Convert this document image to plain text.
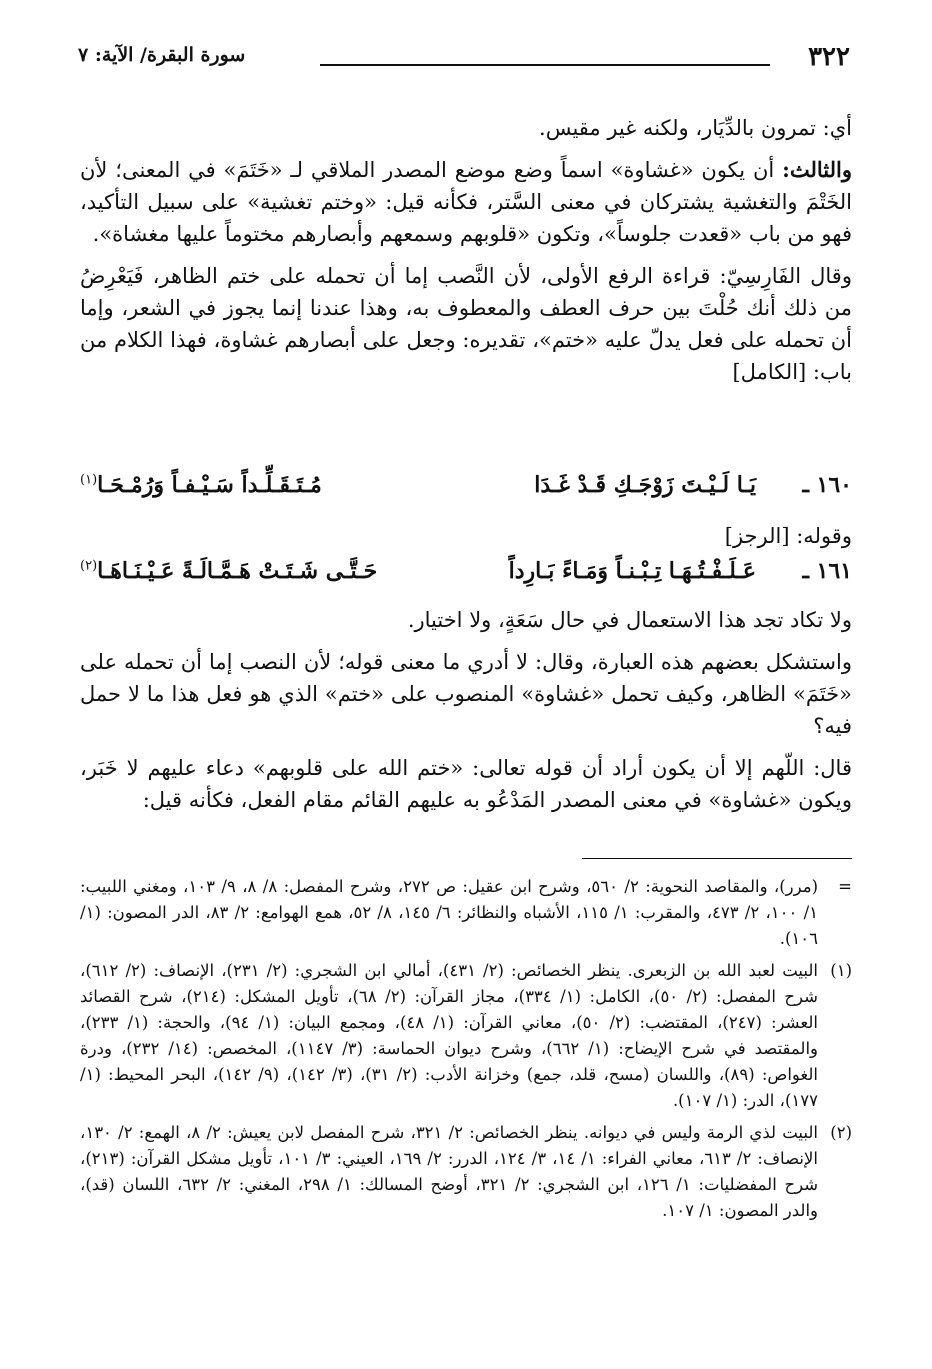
٣٢٢
سورة البقرة/ الآية: ٧

أي: تمرون بالدِّيَار، ولكنه غير مقيس.

والثالث: أن يكون «غشاوة» اسماً وضع موضع المصدر الملاقي لـ «خَتَمَ» في المعنى؛ لأن الخَتْمَ والتغشية يشتركان في معنى السَّتر، فكأنه قيل: «وختم تغشية» على سبيل التأكيد، فهو من باب «قعدت جلوساً»، وتكون «قلوبهم وسمعهم وأبصارهم مختوماً عليها مغشاة».

وقال الفَارِسِيّ: قراءة الرفع الأولى، لأن النَّصب إما أن تحمله على ختم الظاهر، فَيَعْرِضُ من ذلك أنك حُلْتَ بين حرف العطف والمعطوف به، وهذا عندنا إنما يجوز في الشعر، وإما أن تحمله على فعل يدلّ عليه «ختم»، تقديره: وجعل على أبصارهم غشاوة، فهذا الكلام من باب: [الكامل]

١٦٠ ـ
يَـا لَـيْـتَ زَوْجَـكِ قَـدْ غَـدَا
مُـتَـقَـلِّـداً سَـيْـفـاً وَرُمْـحَـا$^{(١)}$

وقوله: [الرجز]

١٦١ ـ
عَـلَـفْـتُـهَـا تِـبْـنـاً وَمَـاءً بَـارِداً
حَـتَّـى شَـتَـتْ هَـمَّـالَـةً عَـيْـنَـاهَـا$^{(٢)}$

ولا تكاد تجد هذا الاستعمال في حال سَعَةٍ، ولا اختيار.

واستشكل بعضهم هذه العبارة، وقال: لا أدري ما معنى قوله؛ لأن النصب إما أن تحمله على «خَتَمَ» الظاهر، وكيف تحمل «غشاوة» المنصوب على «ختم» الذي هو فعل هذا ما لا حمل فيه؟

قال: اللّهم إلا أن يكون أراد أن قوله تعالى: «ختم الله على قلوبهم» دعاء عليهم لا خَبَر، ويكون «غشاوة» في معنى المصدر المَدْعُو به عليهم القائم مقام الفعل، فكأنه قيل:

=
(مرر)، والمقاصد النحوية: ٢/ ٥٦٠، وشرح ابن عقيل: ص ٢٧٢، وشرح المفصل: ٨/ ٨، ٩/ ١٠٣، ومغني اللبيب: ١/ ١٠٠، ٢/ ٤٧٣، والمقرب: ١/ ١١٥، الأشباه والنظائر: ٦/ ١٤٥، ٨/ ٥٢، همع الهوامع: ٢/ ٨٣، الدر المصون: (١/ ١٠٦).
(١)
البيت لعبد الله بن الزبعرى. ينظر الخصائص: (٢/ ٤٣١)، أمالي ابن الشجري: (٢/ ٢٣١)، الإنصاف: (٢/ ٦١٢)، شرح المفصل: (٢/ ٥٠)، الكامل: (١/ ٣٣٤)، مجاز القرآن: (٢/ ٦٨)، تأويل المشكل: (٢١٤)، شرح القصائد العشر: (٢٤٧)، المقتضب: (٢/ ٥٠)، معاني القرآن: (١/ ٤٨)، ومجمع البيان: (١/ ٩٤)، والحجة: (١/ ٢٣٣)، والمقتصد في شرح الإيضاح: (١/ ٦٦٢)، وشرح ديوان الحماسة: (٣/ ١١٤٧)، المخصص: (١٤/ ٢٣٢)، ودرة الغواص: (٨٩)، واللسان (مسح، قلد، جمع) وخزانة الأدب: (٢/ ٣١)، (٣/ ١٤٢)، (٩/ ١٤٢)، البحر المحيط: (١/ ١٧٧)، الدر: (١/ ١٠٧).
(٢)
البيت لذي الرمة وليس في ديوانه. ينظر الخصائص: ٢/ ٣٢١، شرح المفصل لابن يعيش: ٢/ ٨، الهمع: ٢/ ١٣٠، الإنصاف: ٢/ ٦١٣، معاني الفراء: ١/ ١٤، ٣/ ١٢٤، الدرر: ٢/ ١٦٩، العيني: ٣/ ١٠١، تأويل مشكل القرآن: (٢١٣)، شرح المفضليات: ١/ ١٢٦، ابن الشجري: ٢/ ٣٢١، أوضح المسالك: ١/ ٢٩٨، المغني: ٢/ ٦٣٢، اللسان (قد)، والدر المصون: ١/ ١٠٧.
